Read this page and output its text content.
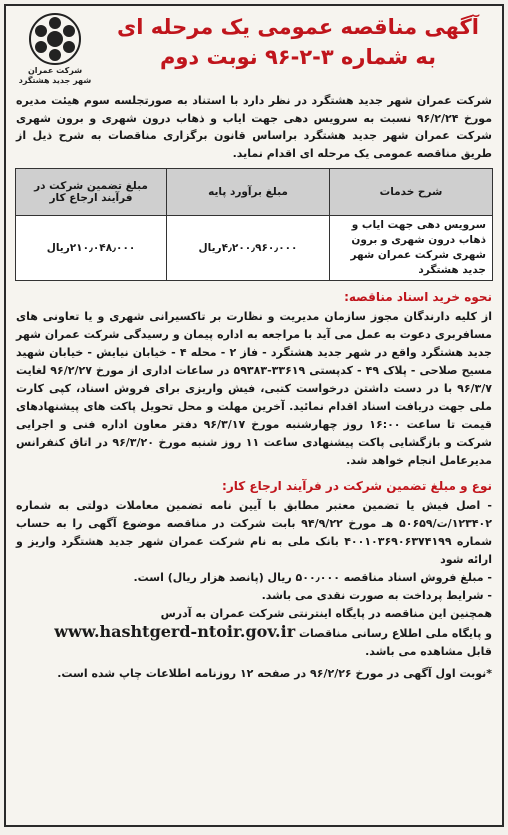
شرکت عمران
شهر جدید هشتگرد
آگهی مناقصه عمومی یک مرحله ای
به شماره ۳-۲-۹۶ نوبت دوم

شرکت عمران شهر جدید هشتگرد در نظر دارد با استناد به صورتجلسه سوم هیئت مدیره مورخ ۹۶/۲/۲۴ نسبت به سرویس دهی جهت ایاب و ذهاب درون شهری و برون شهری شرکت عمران شهر جدید هشتگرد براساس قانون برگزاری مناقصات به شرح ذیل از طریق مناقصه عمومی یک مرحله ای اقدام نماید.

شرح خدمات	مبلغ برآورد پایه	مبلغ تضمین شرکت در فرآیند ارجاع کار
سرویس دهی جهت ایاب و ذهاب درون شهری و برون شهری شرکت عمران شهر جدید هشتگرد	۴٫۲۰۰٫۹۶۰٫۰۰۰ریال	۲۱۰٫۰۴۸٫۰۰۰ریال
نحوه خرید اسناد مناقصه:

از کلیه دارندگان مجوز سازمان مدیریت و نظارت بر تاکسیرانی شهری و یا تعاونی های مسافربری دعوت به عمل می آید با مراجعه به اداره پیمان و رسیدگی شرکت عمران شهر جدید هشتگرد واقع در شهر جدید هشتگرد - فاز ۲ - محله ۴ - خیابان نیایش - خیابان شهید مسیح صلاحی - پلاک ۴۹ - کدپستی ۳۳۶۱۹-۵۹۳۸۳ در ساعات اداری از مورخ ۹۶/۲/۲۷ لغایت ۹۶/۳/۷ با در دست داشتن درخواست کتبی، فیش واریزی برای فروش اسناد، کپی کارت ملی جهت دریافت اسناد اقدام نمائید. آخرین مهلت و محل تحویل پاکت های پیشنهادهای قیمت تا ساعت ۱۶:۰۰ روز چهارشنبه مورخ ۹۶/۳/۱۷ دفتر معاون اداره فنی و اجرایی شرکت و بازگشایی پاکت پیشنهادی ساعت ۱۱ روز شنبه مورخ ۹۶/۳/۲۰ در اتاق کنفرانس مدیرعامل انجام خواهد شد.

نوع و مبلغ تضمین شرکت در فرآیند ارجاع کار:

- اصل فیش یا تضمین معتبر مطابق با آیین نامه تضمین معاملات دولتی به شماره ۱۲۳۴۰۲/ت/۵۰۶۵۹ هـ مورخ ۹۴/۹/۲۲ بابت شرکت در مناقصه موضوع آگهی را به حساب شماره ۴۰۰۱۰۳۶۹۰۶۳۷۴۱۹۹ بانک ملی به نام شرکت عمران شهر جدید هشتگرد واریز و ارائه شود

- مبلغ فروش اسناد مناقصه ۵۰۰٫۰۰۰ ریال (پانصد هزار ریال) است.

- شرایط پرداخت به صورت نقدی می باشد.

همچنین این مناقصه در پایگاه اینترنتی شرکت عمران به آدرس

و پایگاه ملی اطلاع رسانی مناقصات www.hashtgerd-ntoir.gov.ir

قابل مشاهده می باشد.

*نوبت اول آگهی در مورخ ۹۶/۲/۲۶ در صفحه ۱۲ روزنامه اطلاعات چاپ شده است.
